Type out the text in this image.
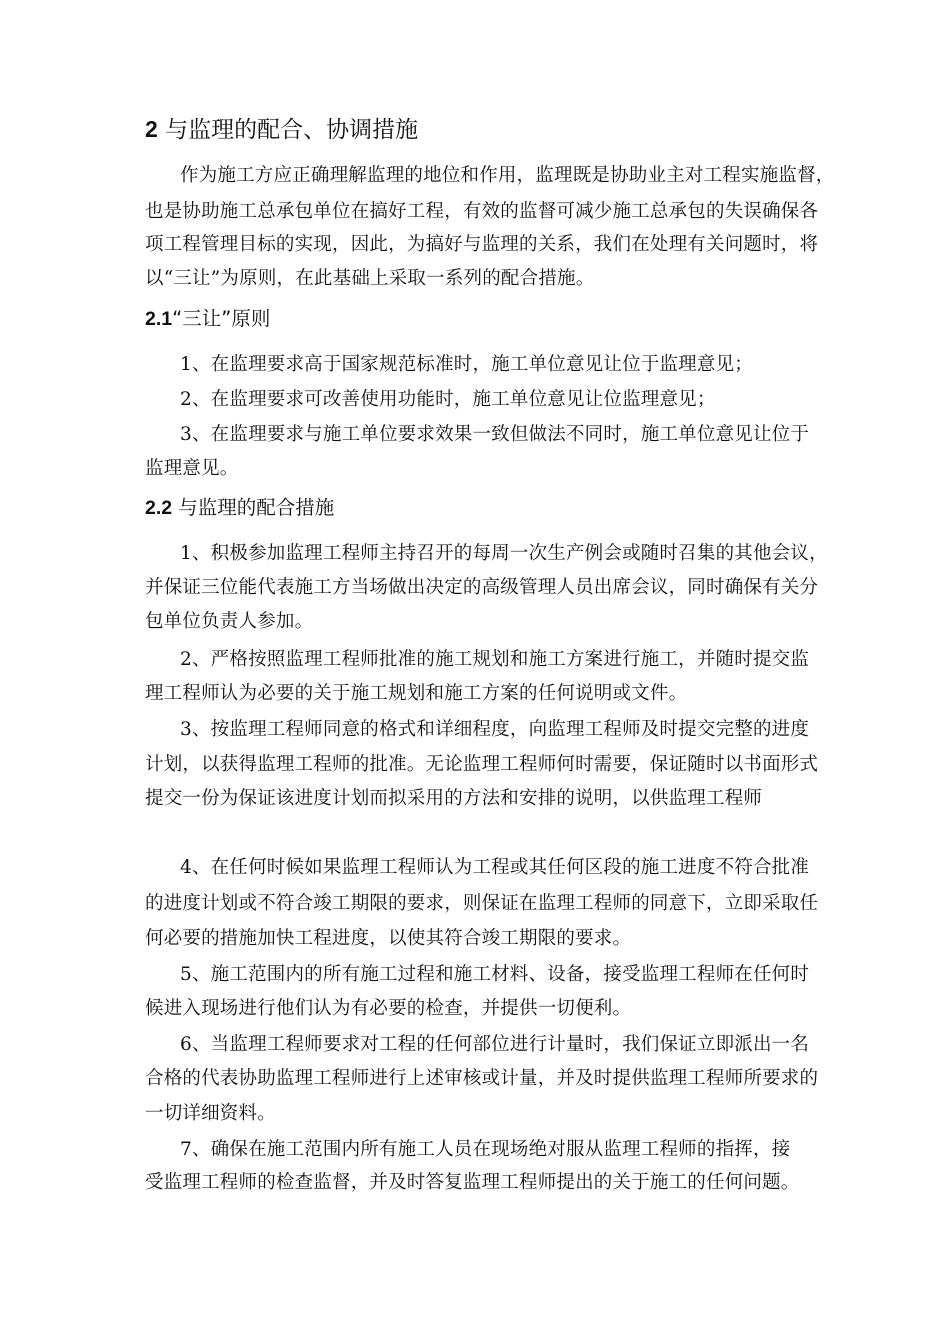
2 与监理的配合、协调措施
作为施工方应正确理解监理的地位和作用，监理既是协助业主对工程实施监督，
也是协助施工总承包单位在搞好工程，有效的监督可减少施工总承包的失误确保各
项工程管理目标的实现，因此，为搞好与监理的关系，我们在处理有关问题时，将
以“三让”为原则，在此基础上采取一系列的配合措施。
2.1“三让”原则
1、在监理要求高于国家规范标准时，施工单位意见让位于监理意见；
2、在监理要求可改善使用功能时，施工单位意见让位监理意见；
3、在监理要求与施工单位要求效果一致但做法不同时，施工单位意见让位于
监理意见。
2.2 与监理的配合措施
1、积极参加监理工程师主持召开的每周一次生产例会或随时召集的其他会议，
并保证三位能代表施工方当场做出决定的高级管理人员出席会议，同时确保有关分
包单位负责人参加。
2、严格按照监理工程师批准的施工规划和施工方案进行施工，并随时提交监
理工程师认为必要的关于施工规划和施工方案的任何说明或文件。
3、按监理工程师同意的格式和详细程度，向监理工程师及时提交完整的进度
计划，以获得监理工程师的批准。无论监理工程师何时需要，保证随时以书面形式
提交一份为保证该进度计划而拟采用的方法和安排的说明，以供监理工程师
4、在任何时候如果监理工程师认为工程或其任何区段的施工进度不符合批准
的进度计划或不符合竣工期限的要求，则保证在监理工程师的同意下，立即采取任
何必要的措施加快工程进度，以使其符合竣工期限的要求。
5、施工范围内的所有施工过程和施工材料、设备，接受监理工程师在任何时
候进入现场进行他们认为有必要的检查，并提供一切便利。
6、当监理工程师要求对工程的任何部位进行计量时，我们保证立即派出一名
合格的代表协助监理工程师进行上述审核或计量，并及时提供监理工程师所要求的
一切详细资料。
7、确保在施工范围内所有施工人员在现场绝对服从监理工程师的指挥，接
受监理工程师的检查监督，并及时答复监理工程师提出的关于施工的任何问题。
